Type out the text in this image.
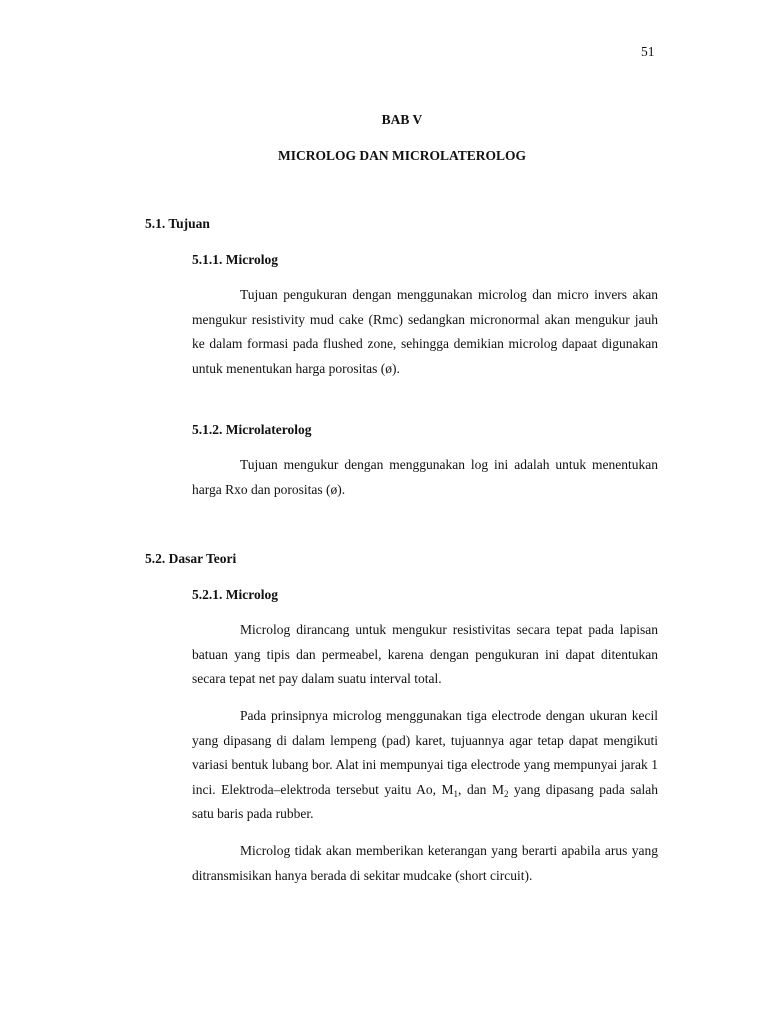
51
BAB V
MICROLOG DAN MICROLATEROLOG
5.1. Tujuan
5.1.1. Microlog

Tujuan pengukuran dengan menggunakan microlog dan micro invers akan mengukur resistivity mud cake (Rmc) sedangkan micronormal akan mengukur jauh ke dalam formasi pada flushed zone, sehingga demikian microlog dapaat digunakan untuk menentukan harga porositas (ø).

5.1.2. Microlaterolog

Tujuan mengukur dengan menggunakan log ini adalah untuk menentukan harga Rxo dan porositas (ø).

5.2. Dasar Teori
5.2.1. Microlog

Microlog dirancang untuk mengukur resistivitas secara tepat pada lapisan batuan yang tipis dan permeabel, karena dengan pengukuran ini dapat ditentukan secara tepat net pay dalam suatu interval total.

Pada prinsipnya microlog menggunakan tiga electrode dengan ukuran kecil yang dipasang di dalam lempeng (pad) karet, tujuannya agar tetap dapat mengikuti variasi bentuk lubang bor. Alat ini mempunyai tiga electrode yang mempunyai jarak 1 inci. Elektroda–elektroda tersebut yaitu Ao, $M_1$, dan $M_2$ yang dipasang pada salah satu baris pada rubber.

Microlog tidak akan memberikan keterangan yang berarti apabila arus yang ditransmisikan hanya berada di sekitar mudcake (short circuit).
